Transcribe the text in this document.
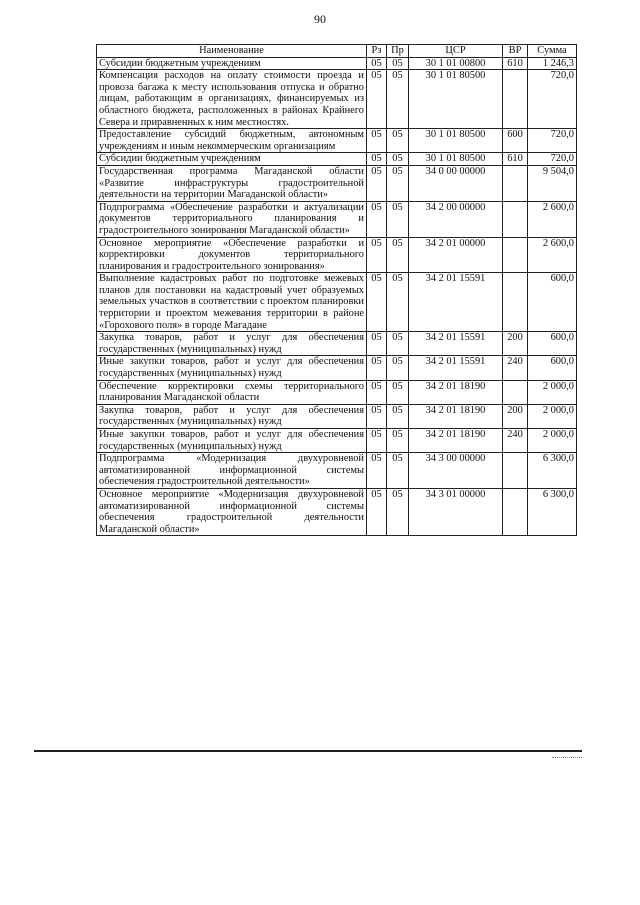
90
Наименование	Рз	Пр	ЦСР	ВР	Сумма
Субсидии бюджетным учреждениям	05	05	30 1 01 00800	610	1 246,3
Компенсация расходов на оплату стоимости проезда и провоза багажа к месту использования отпуска и обратно лицам, работающим в организациях, финансируемых из областного бюджета, расположенных в районах Крайнего Севера и приравненных к ним местностях.	05	05	30 1 01 80500		720,0
Предоставление субсидий бюджетным, автономным учреждениям и иным некоммерческим организациям	05	05	30 1 01 80500	600	720,0
Субсидии бюджетным учреждениям	05	05	30 1 01 80500	610	720,0
Государственная программа Магаданской области «Развитие инфраструктуры градостроительной деятельности на территории Магаданской области»	05	05	34 0 00 00000		9 504,0
Подпрограмма «Обеспечение разработки и актуализации документов территориального планирования и градостроительного зонирования Магаданской области»	05	05	34 2 00 00000		2 600,0
Основное мероприятие «Обеспечение разработки и корректировки документов территориального планирования и градостроительного зонирования»	05	05	34 2 01 00000		2 600,0
Выполнение кадастровых работ по подготовке межевых планов для постановки на кадастровый учет образуемых земельных участков в соответствии с проектом планировки территории и проектом межевания территории в районе «Горохового поля» в городе Магадане	05	05	34 2 01 15591		600,0
Закупка товаров, работ и услуг для обеспечения государственных (муниципальных) нужд	05	05	34 2 01 15591	200	600,0
Иные закупки товаров, работ и услуг для обеспечения государственных (муниципальных) нужд	05	05	34 2 01 15591	240	600,0
Обеспечение корректировки схемы территориального планирования Магаданской области	05	05	34 2 01 18190		2 000,0
Закупка товаров, работ и услуг для обеспечения государственных (муниципальных) нужд	05	05	34 2 01 18190	200	2 000,0
Иные закупки товаров, работ и услуг для обеспечения государственных (муниципальных) нужд	05	05	34 2 01 18190	240	2 000,0
Подпрограмма «Модернизация двухуровневой автоматизированной информационной системы обеспечения градостроительной деятельности»	05	05	34 3 00 00000		6 300,0
Основное мероприятие «Модернизация двухуровневой автоматизированной информационной системы обеспечения градостроительной деятельности Магаданской области»	05	05	34 3 01 00000		6 300,0
